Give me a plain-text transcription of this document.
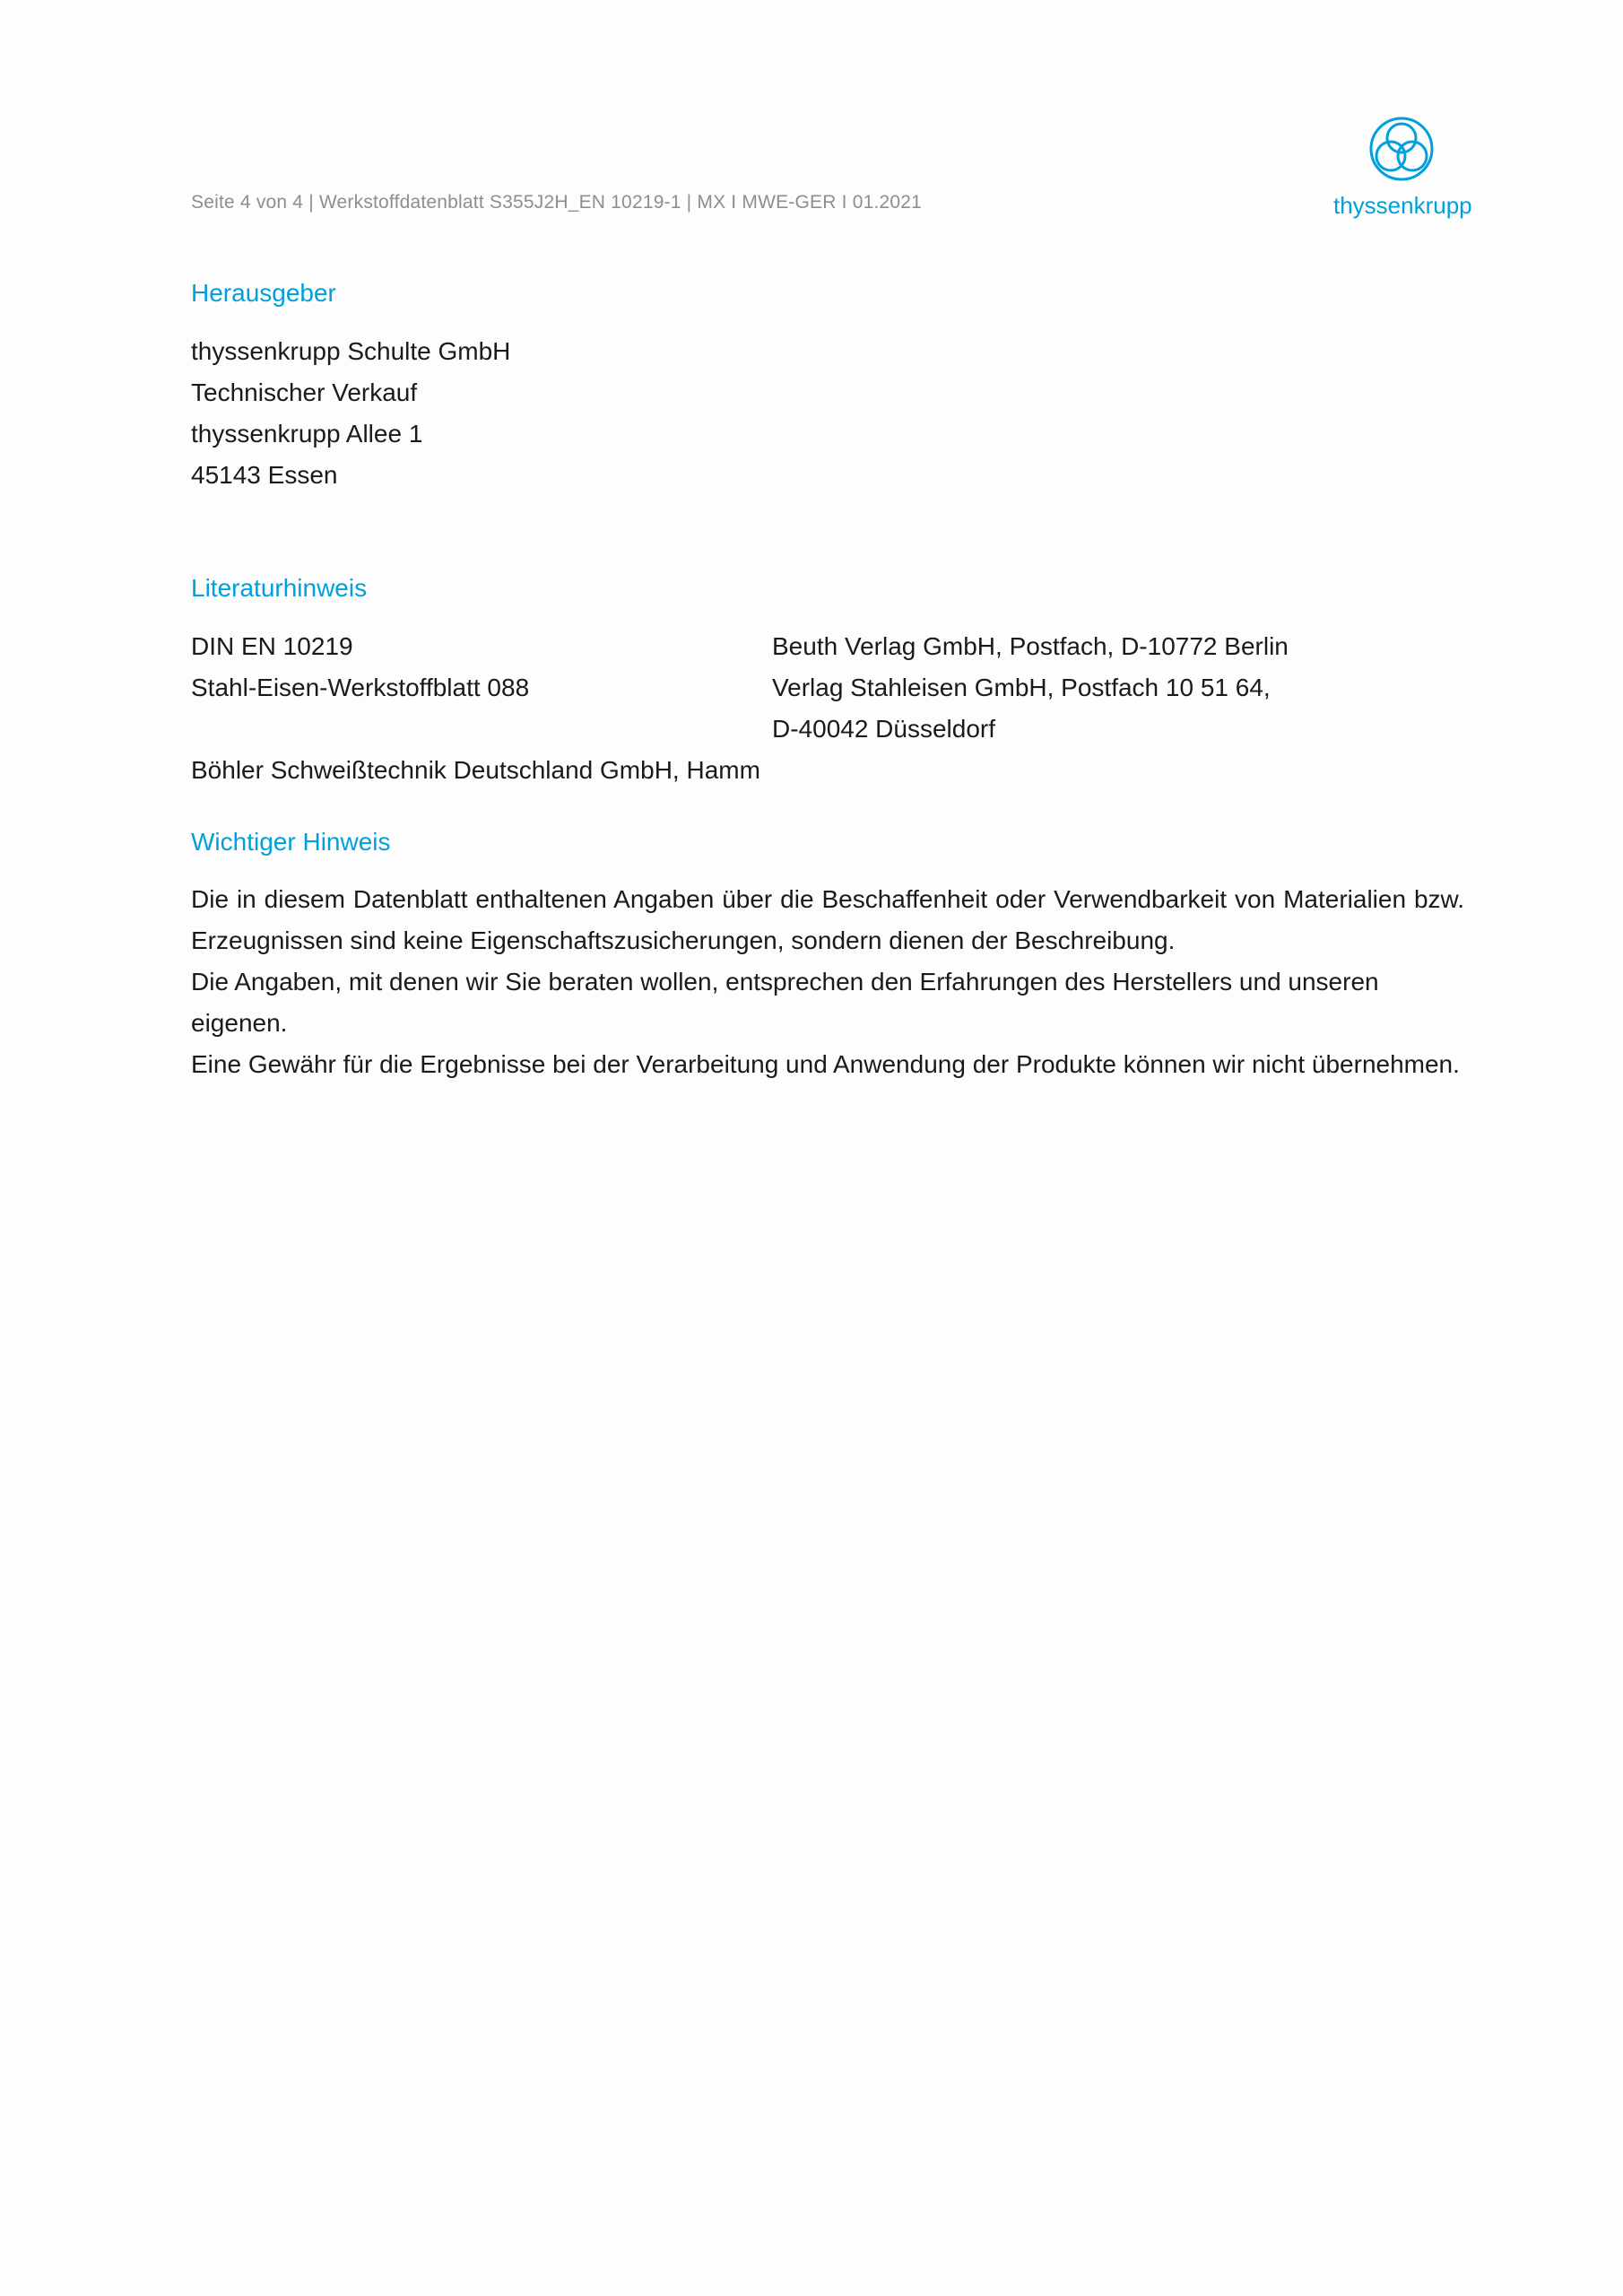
Seite 4 von 4 | Werkstoffdatenblatt S355J2H_EN 10219-1 | MX I MWE-GER I 01.2021	thyssenkrupp
Herausgeber
thyssenkrupp Schulte GmbH
Technischer Verkauf
thyssenkrupp Allee 1
45143 Essen
Literaturhinweis
DIN EN 10219
Stahl-Eisen-Werkstoffblatt 088
Beuth Verlag GmbH, Postfach, D-10772 Berlin
Verlag Stahleisen GmbH, Postfach 10 51 64,
D-40042 Düsseldorf
Böhler Schweißtechnik Deutschland GmbH, Hamm
Wichtiger Hinweis
Die in diesem Datenblatt enthaltenen Angaben über die Beschaffenheit oder Verwendbarkeit von Materialien bzw.
Erzeugnissen sind keine Eigenschaftszusicherungen, sondern dienen der Beschreibung.
Die Angaben, mit denen wir Sie beraten wollen, entsprechen den Erfahrungen des Herstellers und unseren eigenen.
Eine Gewähr für die Ergebnisse bei der Verarbeitung und Anwendung der Produkte können wir nicht übernehmen.
